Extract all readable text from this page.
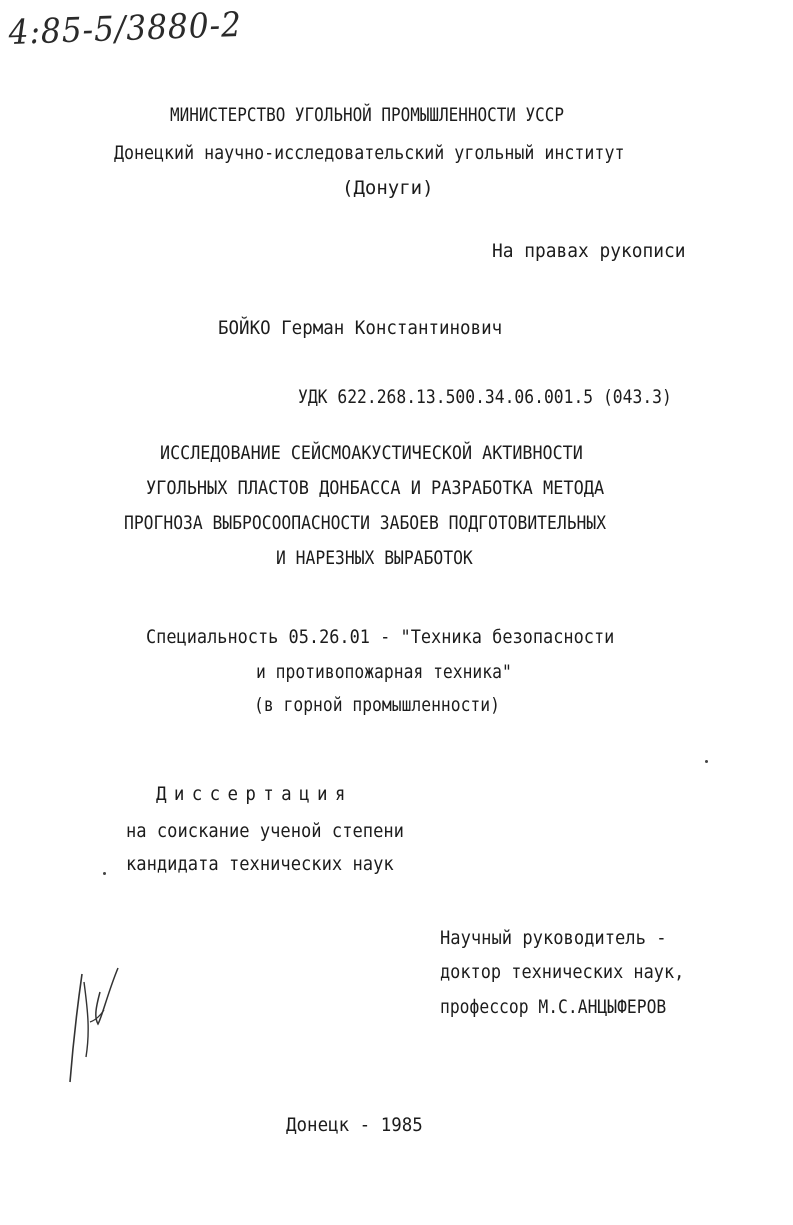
4:85-5/3880-2
МИНИСТЕРСТВО УГОЛЬНОЙ ПРОМЫШЛЕННОСТИ УССР
Донецкий научно-исследовательский угольный институт
(Донуги)
На правах рукописи
БОЙКО Герман Константинович
УДК 622.268.13.500.34.06.001.5 (043.3)
ИССЛЕДОВАНИЕ СЕЙСМОАКУСТИЧЕСКОЙ АКТИВНОСТИ
УГОЛЬНЫХ ПЛАСТОВ ДОНБАССА И РАЗРАБОТКА МЕТОДА
ПРОГНОЗА ВЫБРОСООПАСНОСТИ ЗАБОЕВ ПОДГОТОВИТЕЛЬНЫХ
И НАРЕЗНЫХ ВЫРАБОТОК
Специальность 05.26.01 - "Техника безопасности
и противопожарная техника"
(в горной промышленности)
Диссертация
на соискание ученой степени
кандидата технических наук
Научный руководитель -
доктор технических наук,
профессор М.С.АНЦЫФЕРОВ
Донецк - 1985
